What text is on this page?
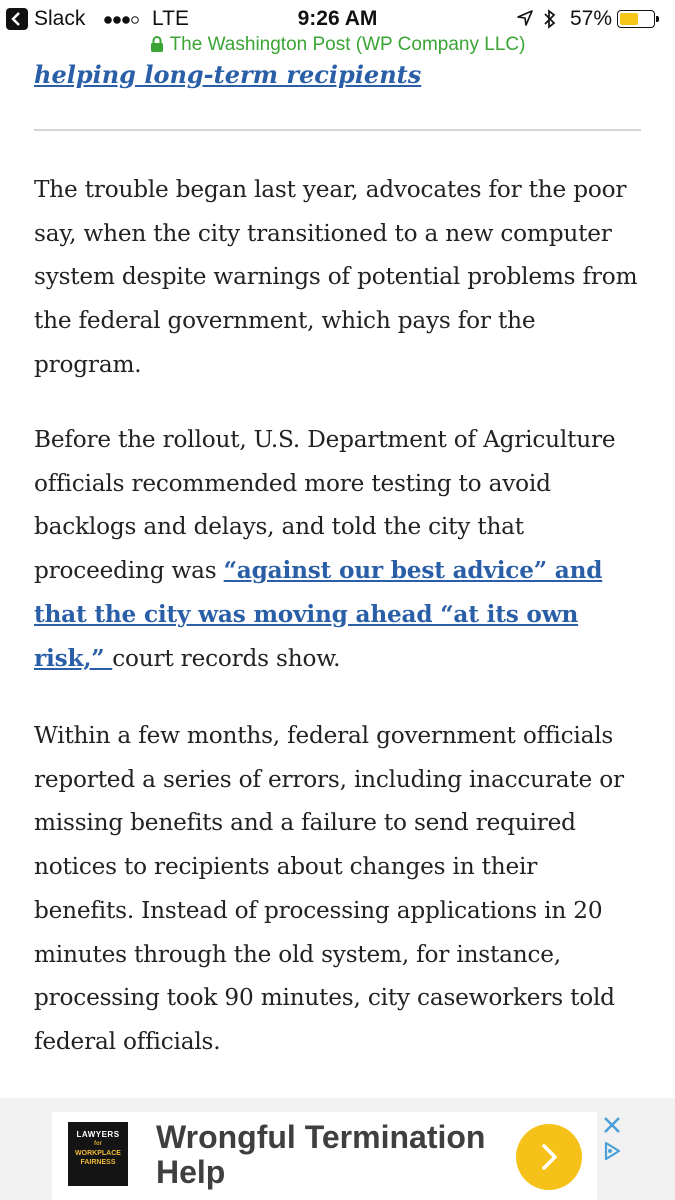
Slack	LTE	9:26 AM	57%
The Washington Post (WP Company LLC)
helping long-term recipients

The trouble began last year, advocates for the poor say, when the city transitioned to a new computer system despite warnings of potential problems from the federal government, which pays for the program.

Before the rollout, U.S. Department of Agriculture officials recommended more testing to avoid backlogs and delays, and told the city that proceeding was “against our best advice” and that the city was moving ahead “at its own risk,” court records show.

Within a few months, federal government officials reported a series of errors, including inaccurate or missing benefits and a failure to send required notices to recipients about changes in their benefits. Instead of processing applications in 20 minutes through the old system, for instance, processing took 90 minutes, city caseworkers told federal officials.

LAWYERS
for
WORKPLACE FAIRNESS
Wrongful Termination Help
